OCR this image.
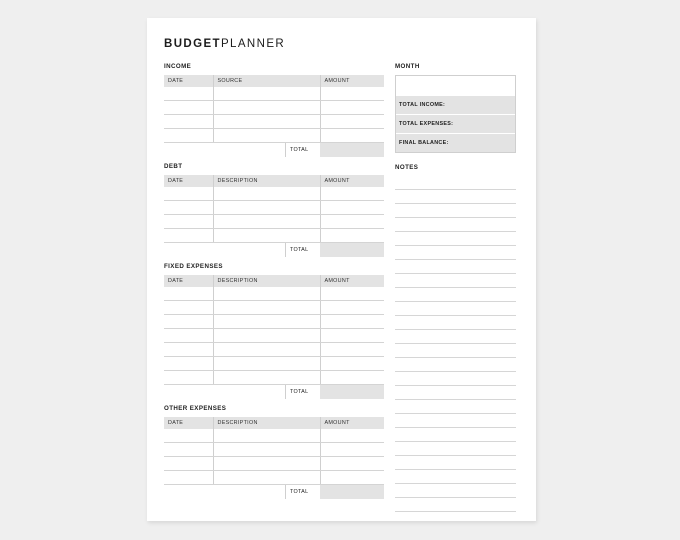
BUDGETPLANNER
INCOME
DATE	SOURCE	AMOUNT

TOTAL
DEBT
DATE	DESCRIPTION	AMOUNT

TOTAL
FIXED EXPENSES
DATE	DESCRIPTION	AMOUNT

TOTAL
OTHER EXPENSES
DATE	DESCRIPTION	AMOUNT

TOTAL
MONTH
TOTAL INCOME:
TOTAL EXPENSES:
FINAL BALANCE:
NOTES
